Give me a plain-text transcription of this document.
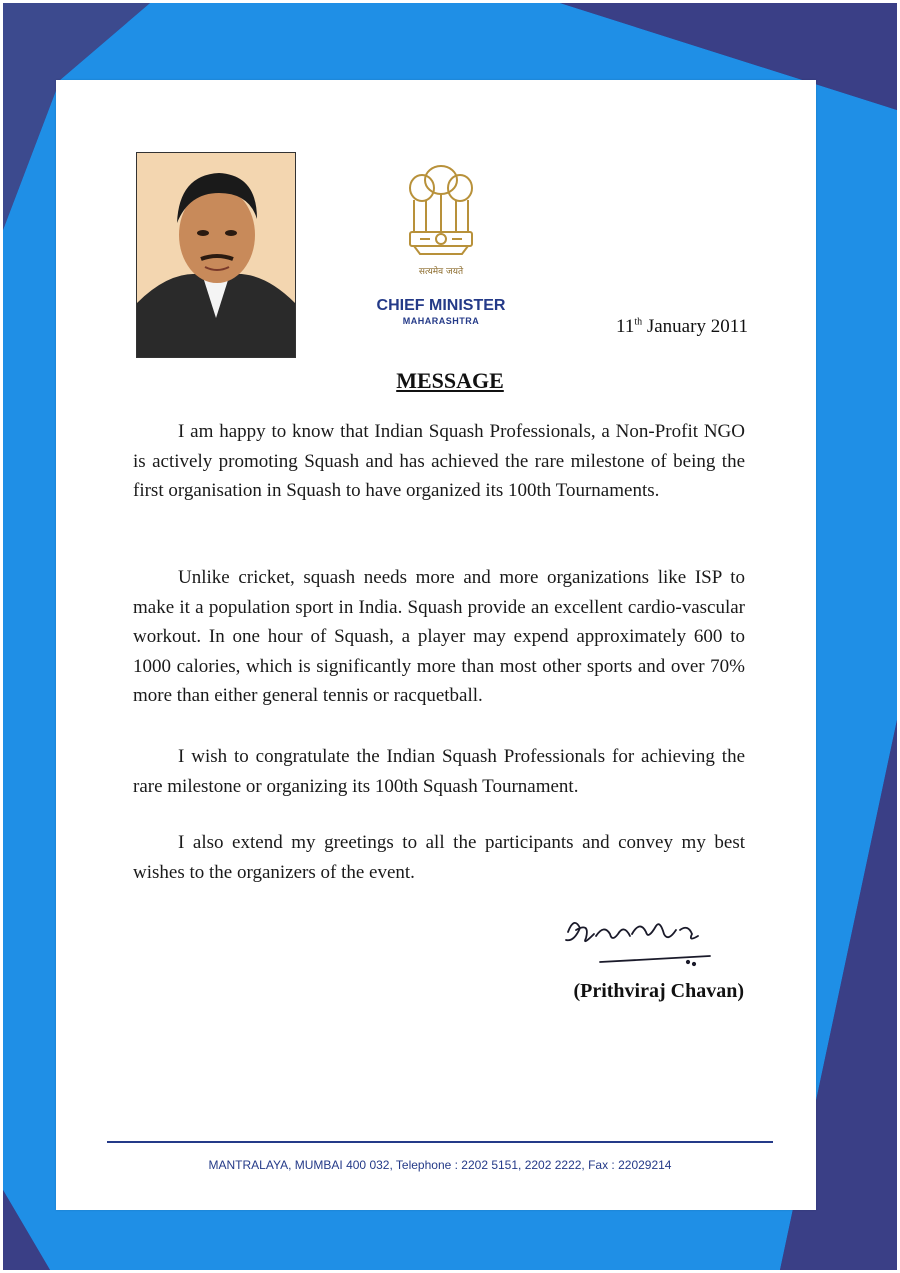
सत्यमेव जयते
CHIEF MINISTER
MAHARASHTRA	11th January 2011
MESSAGE

I am happy to know that Indian Squash Professionals, a Non-Profit NGO is actively promoting Squash and has achieved the rare milestone of being the first organisation in Squash to have organized its 100th Tournaments.

Unlike cricket, squash needs more and more organizations like ISP to make it a population sport in India. Squash provide an excellent cardio-vascular workout. In one hour of Squash, a player may expend approximately 600 to 1000 calories, which is significantly more than most other sports and over 70% more than either general tennis or racquetball.

I wish to congratulate the Indian Squash Professionals for achieving the rare milestone or organizing its 100th Squash Tournament.

I also extend my greetings to all the participants and convey my best wishes to the organizers of the event.

(Prithviraj Chavan)
MANTRALAYA, MUMBAI 400 032, Telephone : 2202 5151, 2202 2222, Fax : 22029214
